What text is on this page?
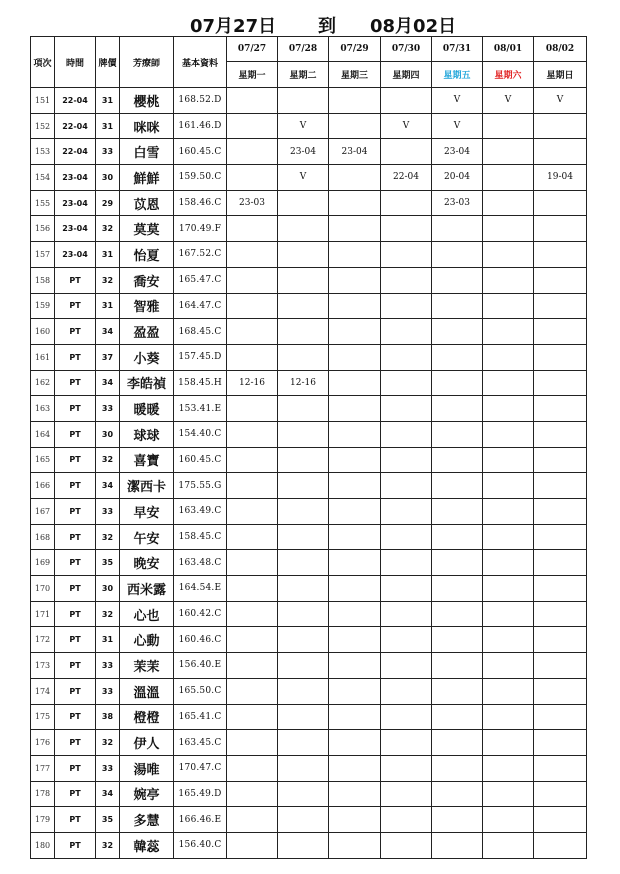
07月27日 到 08月02日
項次	時間	牌價	芳療師	基本資料	07/27	07/28	07/29	07/30	07/31	08/01	08/02
					星期一	星期二	星期三	星期四	星期五	星期六	星期日
151	22-04	31	櫻桃	168.52.D					V	V	V
152	22-04	31	咪咪	161.46.D		V		V	V		
153	22-04	33	白雪	160.45.C		23-04	23-04		23-04		
154	23-04	30	鮮鮮	159.50.C		V		22-04	20-04		19-04
155	23-04	29	苡恩	158.46.C	23-03				23-03		
156	23-04	32	莫莫	170.49.F							
157	23-04	31	怡夏	167.52.C							
158	PT	32	喬安	165.47.C							
159	PT	31	智雅	164.47.C							
160	PT	34	盈盈	168.45.C							
161	PT	37	小葵	157.45.D							
162	PT	34	李皓禎	158.45.H	12-16	12-16					
163	PT	33	暖暖	153.41.E							
164	PT	30	球球	154.40.C							
165	PT	32	喜寶	160.45.C							
166	PT	34	潔西卡	175.55.G							
167	PT	33	早安	163.49.C							
168	PT	32	午安	158.45.C							
169	PT	35	晚安	163.48.C							
170	PT	30	西米露	164.54.E							
171	PT	32	心也	160.42.C							
172	PT	31	心動	160.46.C							
173	PT	33	茉茉	156.40.E							
174	PT	33	溫溫	165.50.C							
175	PT	38	橙橙	165.41.C							
176	PT	32	伊人	163.45.C							
177	PT	33	湯唯	170.47.C							
178	PT	34	婉亭	165.49.D							
179	PT	35	多慧	166.46.E							
180	PT	32	韓蕊	156.40.C							
